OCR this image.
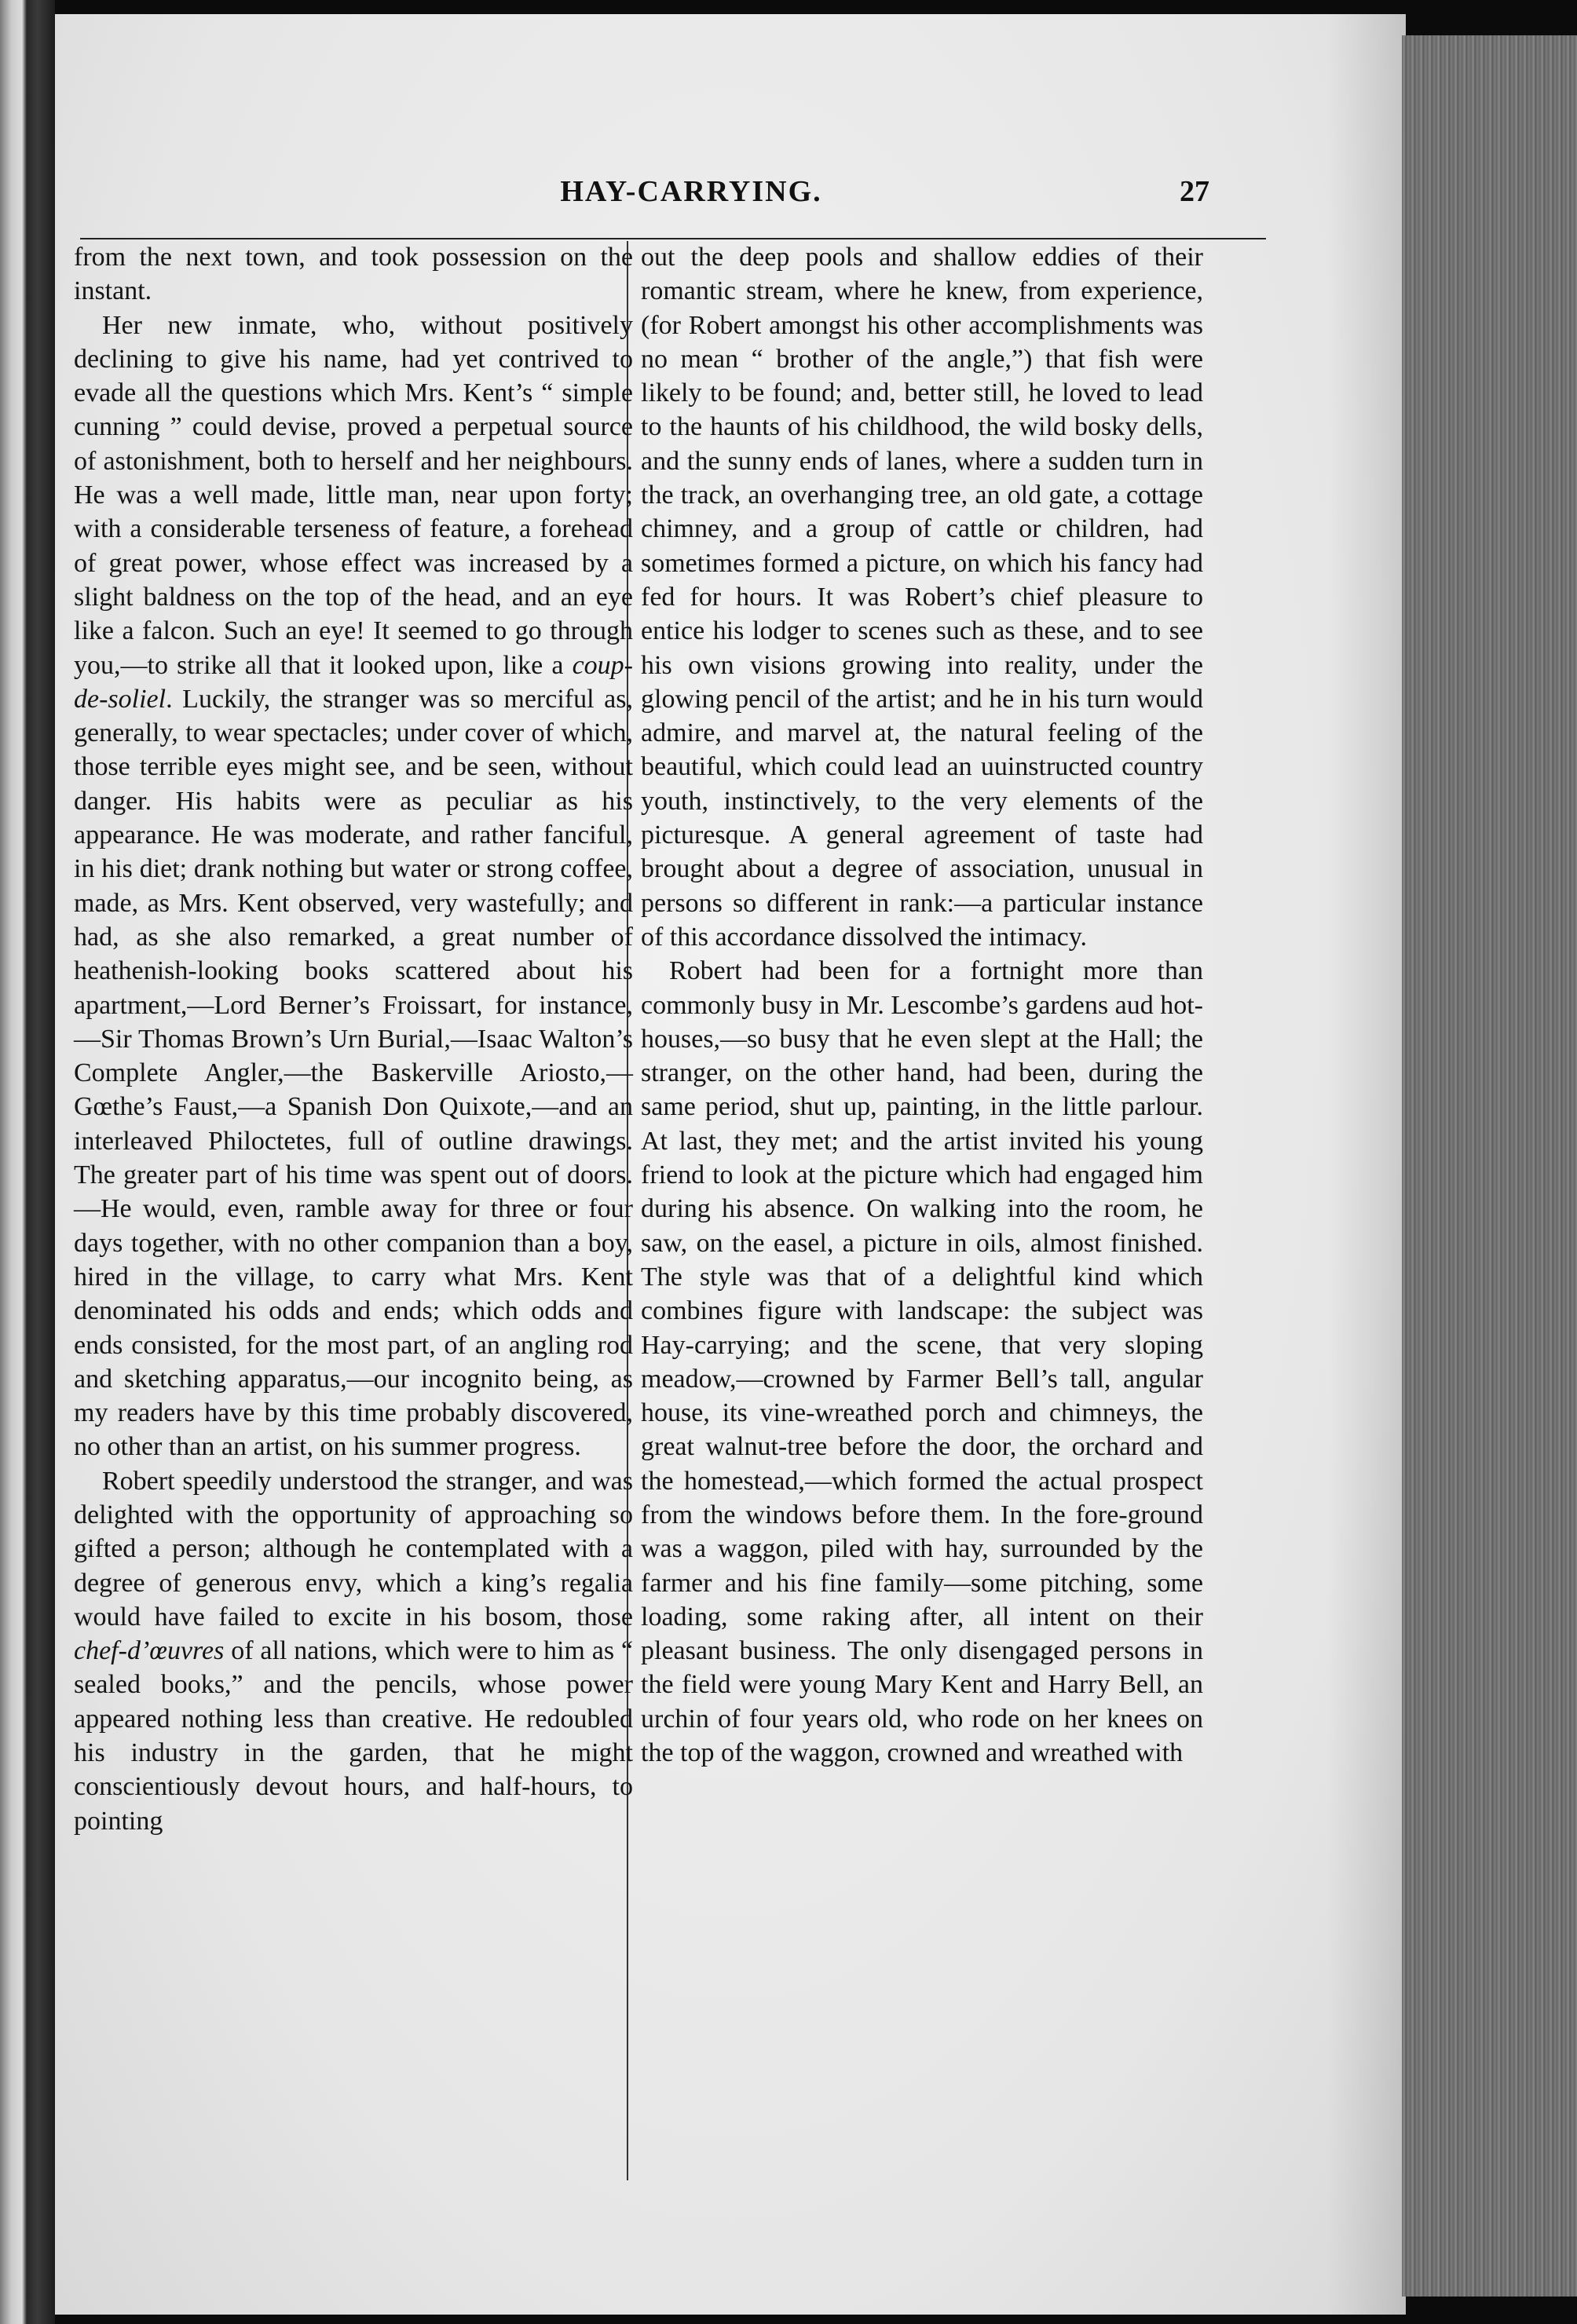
HAY-CARRYING.	27

from the next town, and took possession on the instant.

Her new inmate, who, without positively declining to give his name, had yet contrived to evade all the questions which Mrs. Kent’s “ simple cunning ” could devise, proved a perpetual source of astonishment, both to herself and her neighbours. He was a well made, little man, near upon forty; with a considerable terseness of feature, a forehead of great power, whose effect was increased by a slight baldness on the top of the head, and an eye like a falcon. Such an eye! It seemed to go through you,—to strike all that it looked upon, like a coup-de-soliel. Luckily, the stranger was so merciful as, generally, to wear spectacles; under cover of which, those terrible eyes might see, and be seen, without danger. His habits were as peculiar as his appearance. He was moderate, and rather fanciful, in his diet; drank nothing but water or strong coffee, made, as Mrs. Kent observed, very wastefully; and had, as she also remarked, a great number of heathenish-looking books scattered about his apartment,—Lord Berner’s Froissart, for instance,—Sir Thomas Brown’s Urn Burial,—Isaac Walton’s Complete Angler,—the Baskerville Ariosto,—Gœthe’s Faust,—a Spanish Don Quixote,—and an interleaved Philoctetes, full of outline drawings. The greater part of his time was spent out of doors.—He would, even, ramble away for three or four days together, with no other companion than a boy, hired in the village, to carry what Mrs. Kent denominated his odds and ends; which odds and ends consisted, for the most part, of an angling rod and sketching apparatus,—our incognito being, as my readers have by this time probably discovered, no other than an artist, on his summer progress.

Robert speedily understood the stranger, and was delighted with the opportunity of approaching so gifted a person; although he contemplated with a degree of generous envy, which a king’s regalia would have failed to excite in his bosom, those chef-d’œuvres of all nations, which were to him as “ sealed books,” and the pencils, whose power appeared nothing less than creative. He redoubled his industry in the garden, that he might conscientiously devout hours, and half-hours, to pointing

out the deep pools and shallow eddies of their romantic stream, where he knew, from experience, (for Robert amongst his other accomplishments was no mean “ brother of the angle,”) that fish were likely to be found; and, better still, he loved to lead to the haunts of his childhood, the wild bosky dells, and the sunny ends of lanes, where a sudden turn in the track, an overhanging tree, an old gate, a cottage chimney, and a group of cattle or children, had sometimes formed a picture, on which his fancy had fed for hours. It was Robert’s chief pleasure to entice his lodger to scenes such as these, and to see his own visions growing into reality, under the glowing pencil of the artist; and he in his turn would admire, and marvel at, the natural feeling of the beautiful, which could lead an uuinstructed country youth, instinctively, to the very elements of the picturesque. A general agreement of taste had brought about a degree of association, unusual in persons so different in rank:—a particular instance of this accordance dissolved the intimacy.

Robert had been for a fortnight more than commonly busy in Mr. Lescombe’s gardens aud hot-houses,—so busy that he even slept at the Hall; the stranger, on the other hand, had been, during the same period, shut up, painting, in the little parlour. At last, they met; and the artist invited his young friend to look at the picture which had engaged him during his absence. On walking into the room, he saw, on the easel, a picture in oils, almost finished. The style was that of a delightful kind which combines figure with landscape: the subject was Hay-carrying; and the scene, that very sloping meadow,—crowned by Farmer Bell’s tall, angular house, its vine-wreathed porch and chimneys, the great walnut-tree before the door, the orchard and the homestead,—which formed the actual prospect from the windows before them. In the fore-ground was a waggon, piled with hay, surrounded by the farmer and his fine family—some pitching, some loading, some raking after, all intent on their pleasant business. The only disengaged persons in the field were young Mary Kent and Harry Bell, an urchin of four years old, who rode on her knees on the top of the waggon, crowned and wreathed with
